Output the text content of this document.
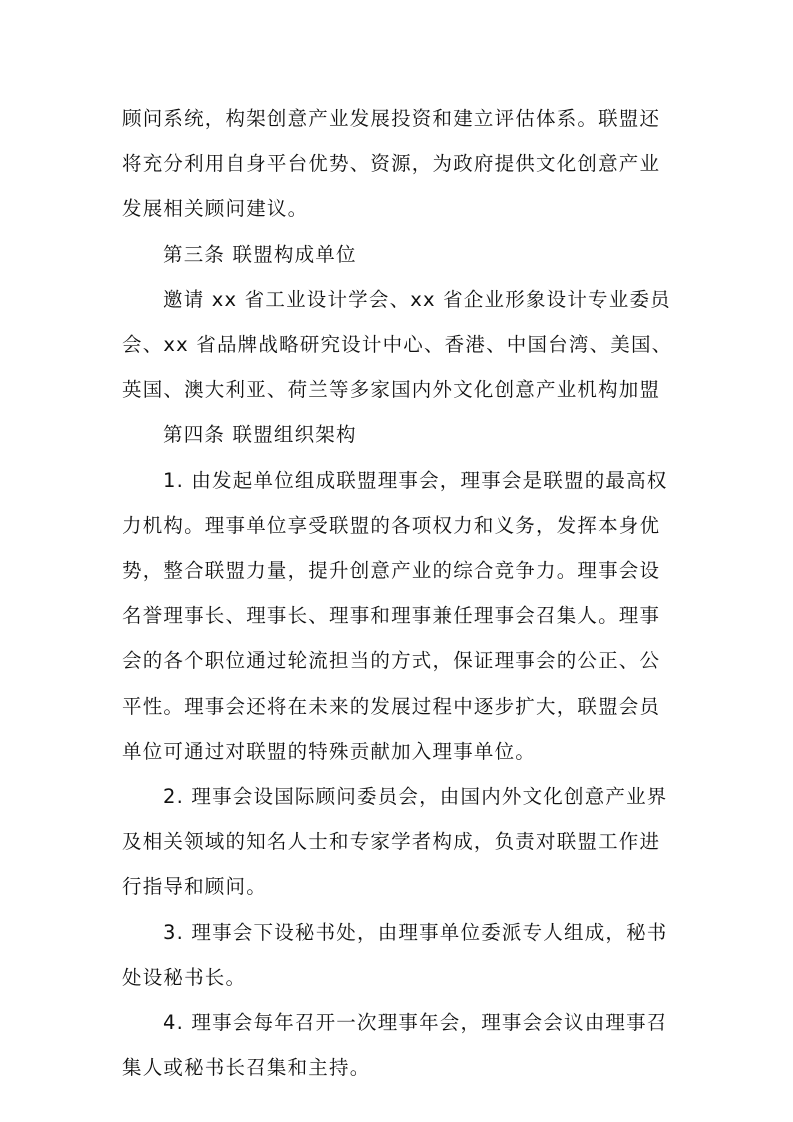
顾问系统，构架创意产业发展投资和建立评估体系。联盟还
将充分利用自身平台优势、资源，为政府提供文化创意产业
发展相关顾问建议。
第三条 联盟构成单位
邀请 xx 省工业设计学会、xx 省企业形象设计专业委员
会、xx 省品牌战略研究设计中心、香港、中国台湾、美国、
英国、澳大利亚、荷兰等多家国内外文化创意产业机构加盟
第四条 联盟组织架构
1. 由发起单位组成联盟理事会，理事会是联盟的最高权
力机构。理事单位享受联盟的各项权力和义务，发挥本身优
势，整合联盟力量，提升创意产业的综合竞争力。理事会设
名誉理事长、理事长、理事和理事兼任理事会召集人。理事
会的各个职位通过轮流担当的方式，保证理事会的公正、公
平性。理事会还将在未来的发展过程中逐步扩大，联盟会员
单位可通过对联盟的特殊贡献加入理事单位。
2. 理事会设国际顾问委员会，由国内外文化创意产业界
及相关领域的知名人士和专家学者构成，负责对联盟工作进
行指导和顾问。
3. 理事会下设秘书处，由理事单位委派专人组成，秘书
处设秘书长。
4. 理事会每年召开一次理事年会，理事会会议由理事召
集人或秘书长召集和主持。
